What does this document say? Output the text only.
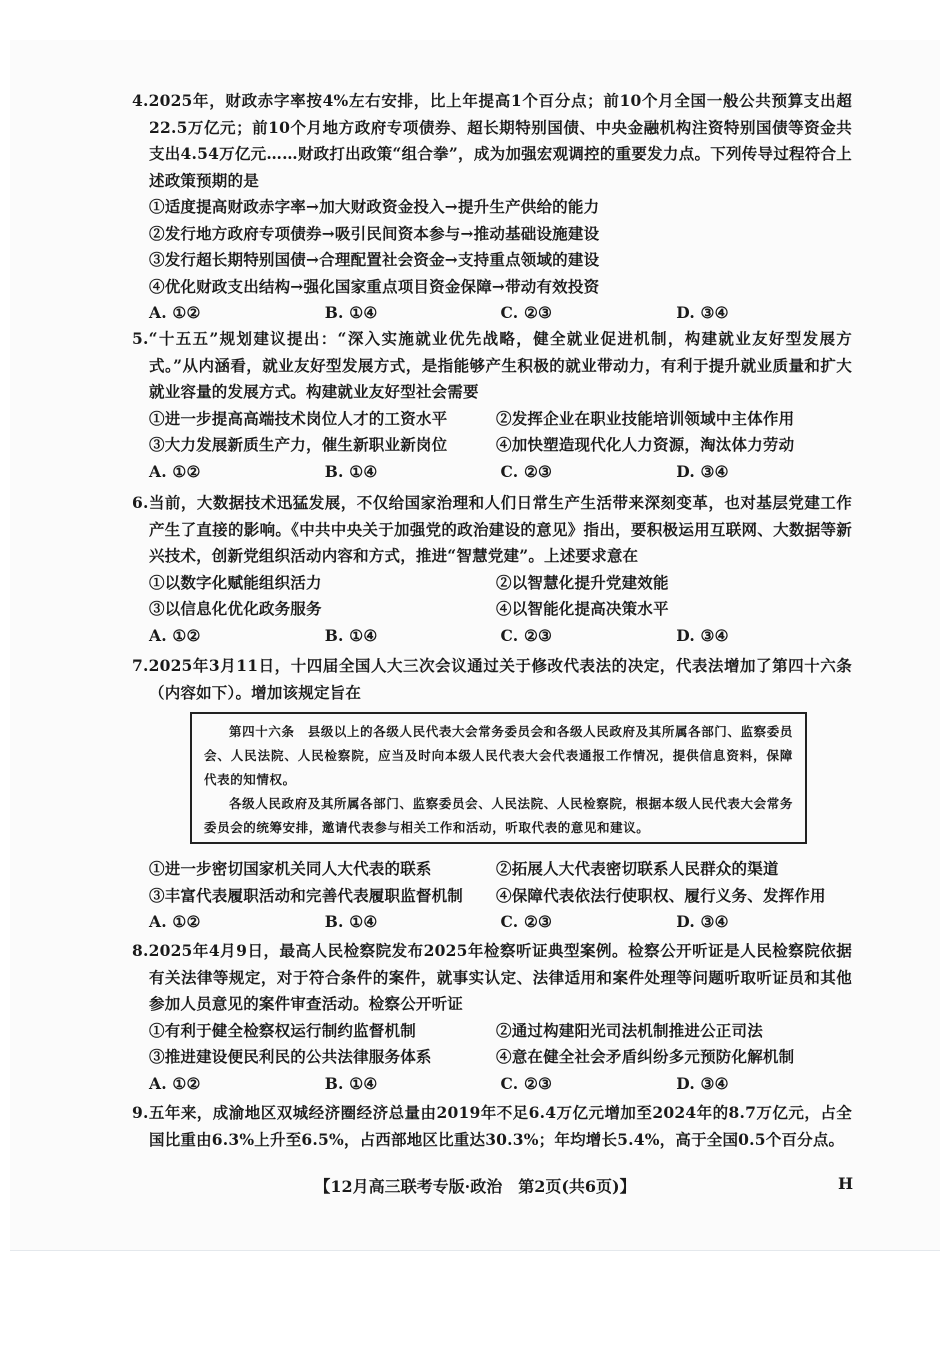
4.2025年，财政赤字率按4%左右安排，比上年提高1个百分点；前10个月全国一般公共预算支出超22.5万亿元；前10个月地方政府专项债券、超长期特别国债、中央金融机构注资特别国债等资金共支出4.54万亿元……财政打出政策“组合拳”，成为加强宏观调控的重要发力点。下列传导过程符合上述政策预期的是

①适度提高财政赤字率→加大财政资金投入→提升生产供给的能力

②发行地方政府专项债券→吸引民间资本参与→推动基础设施建设

③发行超长期特别国债→合理配置社会资金→支持重点领域的建设

④优化财政支出结构→强化国家重点项目资金保障→带动有效投资

A. ①②	B. ①④	C. ②③	D. ③④

5.“十五五”规划建议提出：“深入实施就业优先战略，健全就业促进机制，构建就业友好型发展方式。”从内涵看，就业友好型发展方式，是指能够产生积极的就业带动力，有利于提升就业质量和扩大就业容量的发展方式。构建就业友好型社会需要

①进一步提高高端技术岗位人才的工资水平	②发挥企业在职业技能培训领域中主体作用
③大力发展新质生产力，催生新职业新岗位	④加快塑造现代化人力资源，淘汰体力劳动
A. ①②	B. ①④	C. ②③	D. ③④

6.当前，大数据技术迅猛发展，不仅给国家治理和人们日常生产生活带来深刻变革，也对基层党建工作产生了直接的影响。《中共中央关于加强党的政治建设的意见》指出，要积极运用互联网、大数据等新兴技术，创新党组织活动内容和方式，推进“智慧党建”。上述要求意在

①以数字化赋能组织活力	②以智慧化提升党建效能
③以信息化优化政务服务	④以智能化提高决策水平
A. ①②	B. ①④	C. ②③	D. ③④

7.2025年3月11日，十四届全国人大三次会议通过关于修改代表法的决定，代表法增加了第四十六条（内容如下）。增加该规定旨在

第四十六条　县级以上的各级人民代表大会常务委员会和各级人民政府及其所属各部门、监察委员会、人民法院、人民检察院，应当及时向本级人民代表大会代表通报工作情况，提供信息资料，保障代表的知情权。

各级人民政府及其所属各部门、监察委员会、人民法院、人民检察院，根据本级人民代表大会常务委员会的统筹安排，邀请代表参与相关工作和活动，听取代表的意见和建议。

①进一步密切国家机关同人大代表的联系	②拓展人大代表密切联系人民群众的渠道
③丰富代表履职活动和完善代表履职监督机制	④保障代表依法行使职权、履行义务、发挥作用
A. ①②	B. ①④	C. ②③	D. ③④

8.2025年4月9日，最高人民检察院发布2025年检察听证典型案例。检察公开听证是人民检察院依据有关法律等规定，对于符合条件的案件，就事实认定、法律适用和案件处理等问题听取听证员和其他参加人员意见的案件审查活动。检察公开听证

①有利于健全检察权运行制约监督机制	②通过构建阳光司法机制推进公正司法
③推进建设便民利民的公共法律服务体系	④意在健全社会矛盾纠纷多元预防化解机制
A. ①②	B. ①④	C. ②③	D. ③④

9.五年来，成渝地区双城经济圈经济总量由2019年不足6.4万亿元增加至2024年的8.7万亿元，占全国比重由6.3%上升至6.5%，占西部地区比重达30.3%；年均增长5.4%，高于全国0.5个百分点。

【12月高三联考专版·政治　第2页(共6页)】	H
